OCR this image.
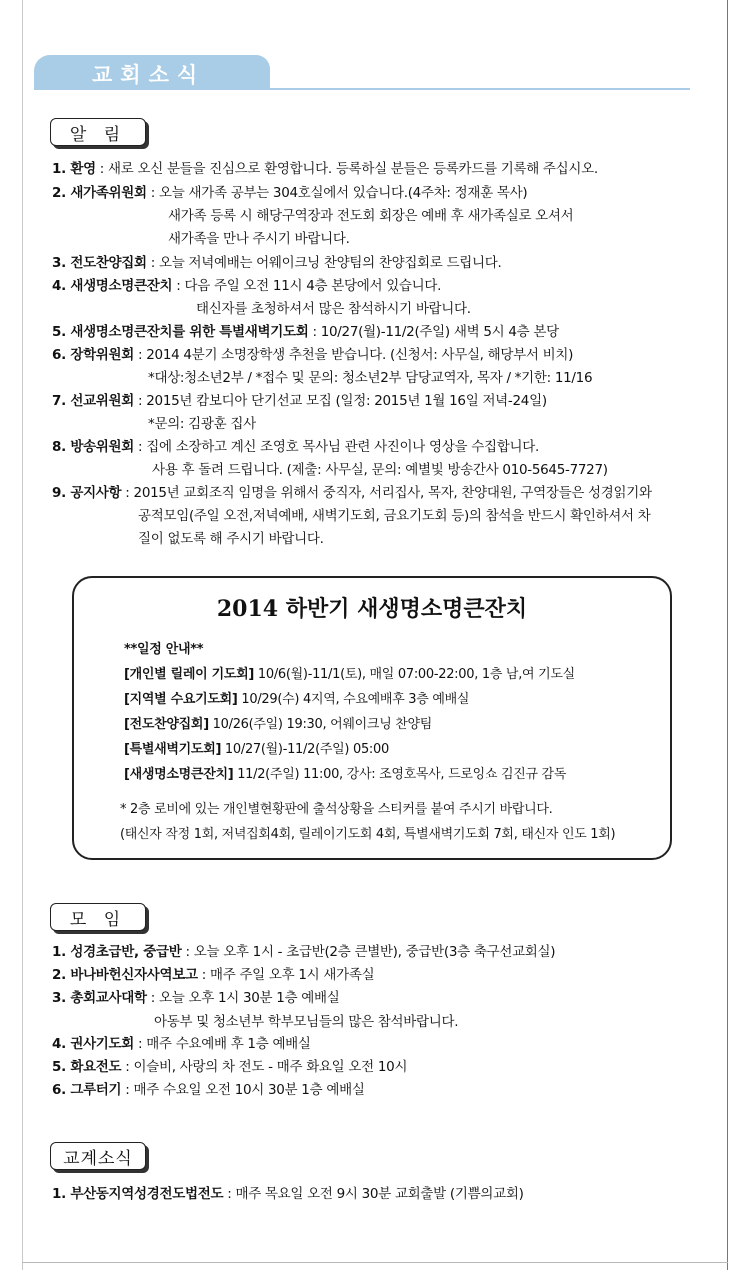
교회소식
알 림
1. 환영 : 새로 오신 분들을 진심으로 환영합니다. 등록하실 분들은 등록카드를 기록해 주십시오.
2. 새가족위원회 : 오늘 새가족 공부는 304호실에서 있습니다.(4주차: 정재훈 목사)
새가족 등록 시 해당구역장과 전도회 회장은 예배 후 새가족실로 오셔서
새가족을 만나 주시기 바랍니다.
3. 전도찬양집회 : 오늘 저녁예배는 어웨이크닝 찬양팀의 찬양집회로 드립니다.
4. 새생명소명큰잔치 : 다음 주일 오전 11시 4층 본당에서 있습니다.
태신자를 초청하셔서 많은 참석하시기 바랍니다.
5. 새생명소명큰잔치를 위한 특별새벽기도회 : 10/27(월)-11/2(주일) 새벽 5시 4층 본당
6. 장학위원회 : 2014 4분기 소명장학생 추천을 받습니다. (신청서: 사무실, 해당부서 비치)
*대상:청소년2부 / *접수 및 문의: 청소년2부 담당교역자, 목자 / *기한: 11/16
7. 선교위원회 : 2015년 캄보디아 단기선교 모집 (일정: 2015년 1월 16일 저녁-24일)
*문의: 김광훈 집사
8. 방송위원회 : 집에 소장하고 계신 조영호 목사님 관련 사진이나 영상을 수집합니다.
사용 후 돌려 드립니다. (제출: 사무실, 문의: 예별빛 방송간사 010-5645-7727)
9. 공지사항 : 2015년 교회조직 임명을 위해서 중직자, 서리집사, 목자, 찬양대원, 구역장들은 성경읽기와
공적모임(주일 오전,저녁예배, 새벽기도회, 금요기도회 등)의 참석을 반드시 확인하셔서 차
질이 없도록 해 주시기 바랍니다.
2014 하반기 새생명소명큰잔치
**일정 안내**
[개인별 릴레이 기도회] 10/6(월)-11/1(토), 매일 07:00-22:00, 1층 남,여 기도실
[지역별 수요기도회] 10/29(수) 4지역, 수요예배후 3층 예배실
[전도찬양집회] 10/26(주일) 19:30, 어웨이크닝 찬양팀
[특별새벽기도회] 10/27(월)-11/2(주일) 05:00
[새생명소명큰잔치] 11/2(주일) 11:00, 강사: 조영호목사, 드로잉쇼 김진규 감독
* 2층 로비에 있는 개인별현황판에 출석상황을 스티커를 붙여 주시기 바랍니다.
(태신자 작정 1회, 저녁집회4회, 릴레이기도회 4회, 특별새벽기도회 7회, 태신자 인도 1회)
모 임
1. 성경초급반, 중급반 : 오늘 오후 1시 - 초급반(2층 큰별반), 중급반(3층 축구선교회실)
2. 바나바헌신자사역보고 : 매주 주일 오후 1시 새가족실
3. 총회교사대학 : 오늘 오후 1시 30분 1층 예배실
아동부 및 청소년부 학부모님들의 많은 참석바랍니다.
4. 권사기도회 : 매주 수요예배 후 1층 예배실
5. 화요전도 : 이슬비, 사랑의 차 전도 - 매주 화요일 오전 10시
6. 그루터기 : 매주 수요일 오전 10시 30분 1층 예배실
교계소식
1. 부산동지역성경전도법전도 : 매주 목요일 오전 9시 30분 교회출발 (기쁨의교회)
